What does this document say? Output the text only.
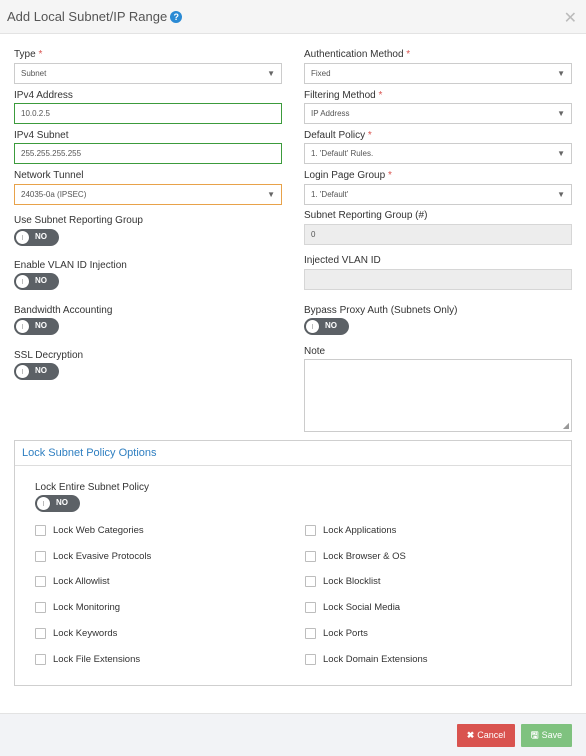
Add Local Subnet/IP Range ?	✕
Type *
Subnet	▼
IPv4 Address
10.0.2.5
IPv4 Subnet
255.255.255.255
Network Tunnel
24035-0a (IPSEC)	▼
Use Subnet Reporting Group
NO
Enable VLAN ID Injection
NO
Bandwidth Accounting
NO
SSL Decryption
NO
Authentication Method *
Fixed	▼
Filtering Method *
IP Address	▼
Default Policy *
1. 'Default' Rules.	▼
Login Page Group *
1. 'Default'	▼
Subnet Reporting Group (#)
0
Injected VLAN ID
Bypass Proxy Auth (Subnets Only)
NO
Note
◢
Lock Subnet Policy Options
Lock Entire Subnet Policy
NO
Lock Web Categories
Lock Evasive Protocols
Lock Allowlist
Lock Monitoring
Lock Keywords
Lock File Extensions
Lock Applications
Lock Browser & OS
Lock Blocklist
Lock Social Media
Lock Ports
Lock Domain Extensions
✖ Cancel	🖫 Save
